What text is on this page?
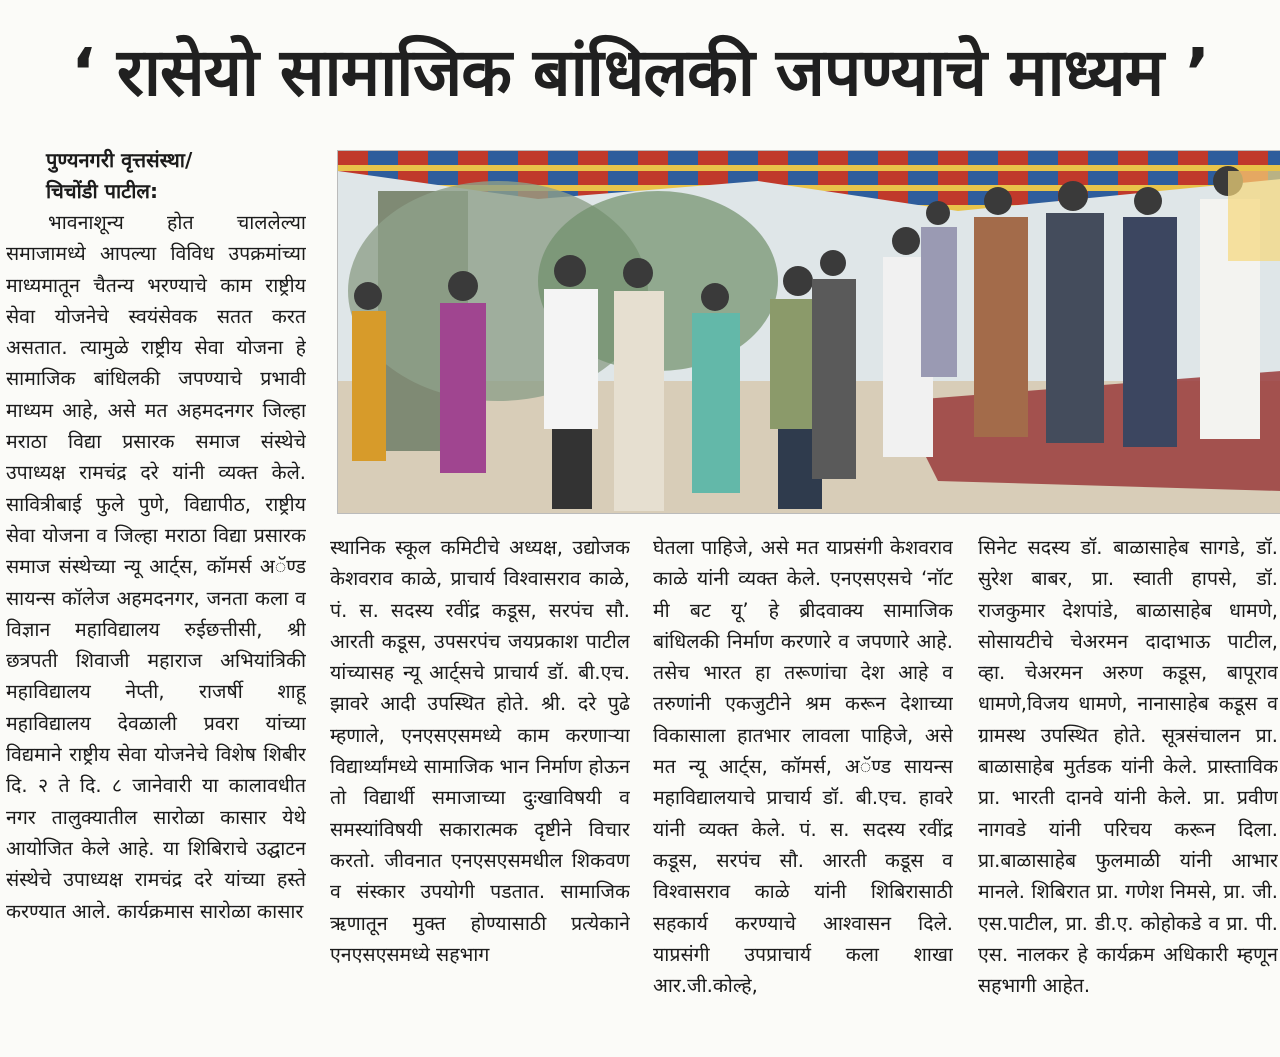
‘ रासेयो सामाजिक बांधिलकी जपण्याचे माध्यम ’
पुण्यनगरी वृत्तसंस्था/
चिचोंडी पाटील:

भावनाशून्य होत चाललेल्या समाजामध्ये आपल्या विविध उपक्रमांच्या माध्यमातून चैतन्य भरण्याचे काम राष्ट्रीय सेवा योजनेचे स्वयंसेवक सतत करत असतात. त्यामुळे राष्ट्रीय सेवा योजना हे सामाजिक बांधिलकी जपण्याचे प्रभावी माध्यम आहे, असे मत अहमदनगर जिल्हा मराठा विद्या प्रसारक समाज संस्थेचे उपाध्यक्ष रामचंद्र दरे यांनी व्यक्त केले. सावित्रीबाई फुले पुणे, विद्यापीठ, राष्ट्रीय सेवा योजना व जिल्हा मराठा विद्या प्रसारक समाज संस्थेच्या न्यू आर्ट्स, कॉमर्स अॅण्ड सायन्स कॉलेज अहमदनगर, जनता कला व विज्ञान महाविद्यालय रुईछत्तीसी, श्री छत्रपती शिवाजी महाराज अभियांत्रिकी महाविद्यालय नेप्ती, राजर्षी शाहू महाविद्यालय देवळाली प्रवरा यांच्या विद्यमाने राष्ट्रीय सेवा योजनेचे विशेष शिबीर दि. २ ते दि. ८ जानेवारी या कालावधीत नगर तालुक्यातील सारोळा कासार येथे आयोजित केले आहे. या शिबिराचे उद्घाटन संस्थेचे उपाध्यक्ष रामचंद्र दरे यांच्या हस्ते करण्यात आले. कार्यक्रमास सारोळा कासार

स्थानिक स्कूल कमिटीचे अध्यक्ष, उद्योजक केशवराव काळे, प्राचार्य विश्वासराव काळे, पं. स. सदस्य रवींद्र कडूस, सरपंच सौ. आरती कडूस, उपसरपंच जयप्रकाश पाटील यांच्यासह न्यू आर्ट्सचे प्राचार्य डॉ. बी.एच. झावरे आदी उपस्थित होते. श्री. दरे पुढे म्हणाले, एनएसएसमध्ये काम करणाऱ्या विद्यार्थ्यांमध्ये सामाजिक भान निर्माण होऊन तो विद्यार्थी समाजाच्या दुःखाविषयी व समस्यांविषयी सकारात्मक दृष्टीने विचार करतो. जीवनात एनएसएसमधील शिकवण व संस्कार उपयोगी पडतात. सामाजिक ऋणातून मुक्त होण्यासाठी प्रत्येकाने एनएसएसमध्ये सहभाग

घेतला पाहिजे, असे मत याप्रसंगी केशवराव काळे यांनी व्यक्त केले. एनएसएसचे ‘नॉट मी बट यू’ हे ब्रीदवाक्य सामाजिक बांधिलकी निर्माण करणारे व जपणारे आहे. तसेच भारत हा तरूणांचा देश आहे व तरुणांनी एकजुटीने श्रम करून देशाच्या विकासाला हातभार लावला पाहिजे, असे मत न्यू आर्ट्स, कॉमर्स, अॅण्ड सायन्स महाविद्यालयाचे प्राचार्य डॉ. बी.एच. हावरे यांनी व्यक्त केले. पं. स. सदस्य रवींद्र कडूस, सरपंच सौ. आरती कडूस व विश्वासराव काळे यांनी शिबिरासाठी सहकार्य करण्याचे आश्वासन दिले. याप्रसंगी उपप्राचार्य कला शाखा आर.जी.कोल्हे,

सिनेट सदस्य डॉ. बाळासाहेब सागडे, डॉ. सुरेश बाबर, प्रा. स्वाती हापसे, डॉ. राजकुमार देशपांडे, बाळासाहेब धामणे, सोसायटीचे चेअरमन दादाभाऊ पाटील, व्हा. चेअरमन अरुण कडूस, बापूराव धामणे,विजय धामणे, नानासाहेब कडूस व ग्रामस्थ उपस्थित होते. सूत्रसंचालन प्रा. बाळासाहेब मुर्तडक यांनी केले. प्रास्ताविक प्रा. भारती दानवे यांनी केले. प्रा. प्रवीण नागवडे यांनी परिचय करून दिला. प्रा.बाळासाहेब फुलमाळी यांनी आभार मानले. शिबिरात प्रा. गणेश निमसे, प्रा. जी. एस.पाटील, प्रा. डी.ए. कोहोकडे व प्रा. पी. एस. नालकर हे कार्यक्रम अधिकारी म्हणून सहभागी आहेत.
